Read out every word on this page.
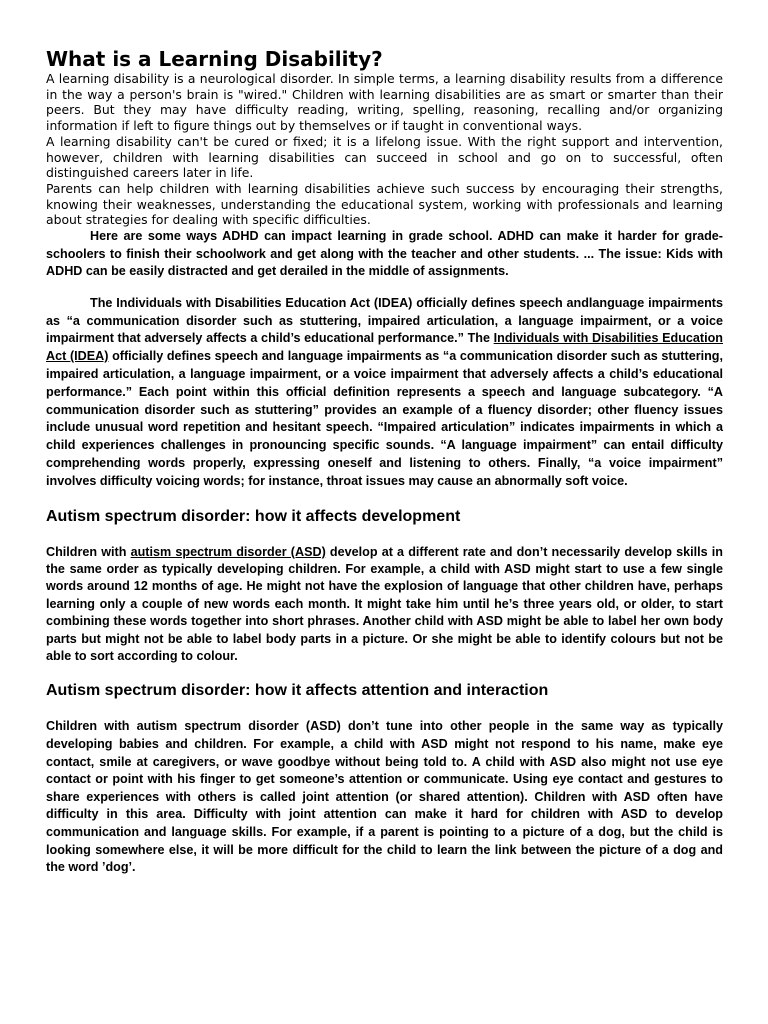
What is a Learning Disability?

A learning disability is a neurological disorder. In simple terms, a learning disability results from a difference in the way a person's brain is "wired." Children with learning disabilities are as smart or smarter than their peers. But they may have difficulty reading, writing, spelling, reasoning, recalling and/or organizing information if left to figure things out by themselves or if taught in conventional ways.

A learning disability can't be cured or fixed; it is a lifelong issue. With the right support and intervention, however, children with learning disabilities can succeed in school and go on to successful, often distinguished careers later in life.

Parents can help children with learning disabilities achieve such success by encouraging their strengths, knowing their weaknesses, understanding the educational system, working with professionals and learning about strategies for dealing with specific difficulties.

Here are some ways ADHD can impact learning in grade school. ADHD can make it harder for grade-schoolers to finish their schoolwork and get along with the teacher and other students. ... The issue: Kids with ADHD can be easily distracted and get derailed in the middle of assignments.

The Individuals with Disabilities Education Act (IDEA) officially defines speech andlanguage impairments as “a communication disorder such as stuttering, impaired articulation, a language impairment, or a voice impairment that adversely affects a child’s educational performance.” The Individuals with Disabilities Education Act (IDEA) officially defines speech and language impairments as “a communication disorder such as stuttering, impaired articulation, a language impairment, or a voice impairment that adversely affects a child’s educational performance.” Each point within this official definition represents a speech and language subcategory. “A communication disorder such as stuttering” provides an example of a fluency disorder; other fluency issues include unusual word repetition and hesitant speech. “Impaired articulation” indicates impairments in which a child experiences challenges in pronouncing specific sounds. “A language impairment” can entail difficulty comprehending words properly, expressing oneself and listening to others. Finally, “a voice impairment” involves difficulty voicing words; for instance, throat issues may cause an abnormally soft voice.

Autism spectrum disorder: how it affects development

Children with autism spectrum disorder (ASD) develop at a different rate and don’t necessarily develop skills in the same order as typically developing children. For example, a child with ASD might start to use a few single words around 12 months of age. He might not have the explosion of language that other children have, perhaps learning only a couple of new words each month. It might take him until he’s three years old, or older, to start combining these words together into short phrases. Another child with ASD might be able to label her own body parts but might not be able to label body parts in a picture. Or she might be able to identify colours but not be able to sort according to colour.

Autism spectrum disorder: how it affects attention and interaction

Children with autism spectrum disorder (ASD) don’t tune into other people in the same way as typically developing babies and children. For example, a child with ASD might not respond to his name, make eye contact, smile at caregivers, or wave goodbye without being told to. A child with ASD also might not use eye contact or point with his finger to get someone’s attention or communicate. Using eye contact and gestures to share experiences with others is called joint attention (or shared attention). Children with ASD often have difficulty in this area. Difficulty with joint attention can make it hard for children with ASD to develop communication and language skills. For example, if a parent is pointing to a picture of a dog, but the child is looking somewhere else, it will be more difficult for the child to learn the link between the picture of a dog and the word ’dog’.
